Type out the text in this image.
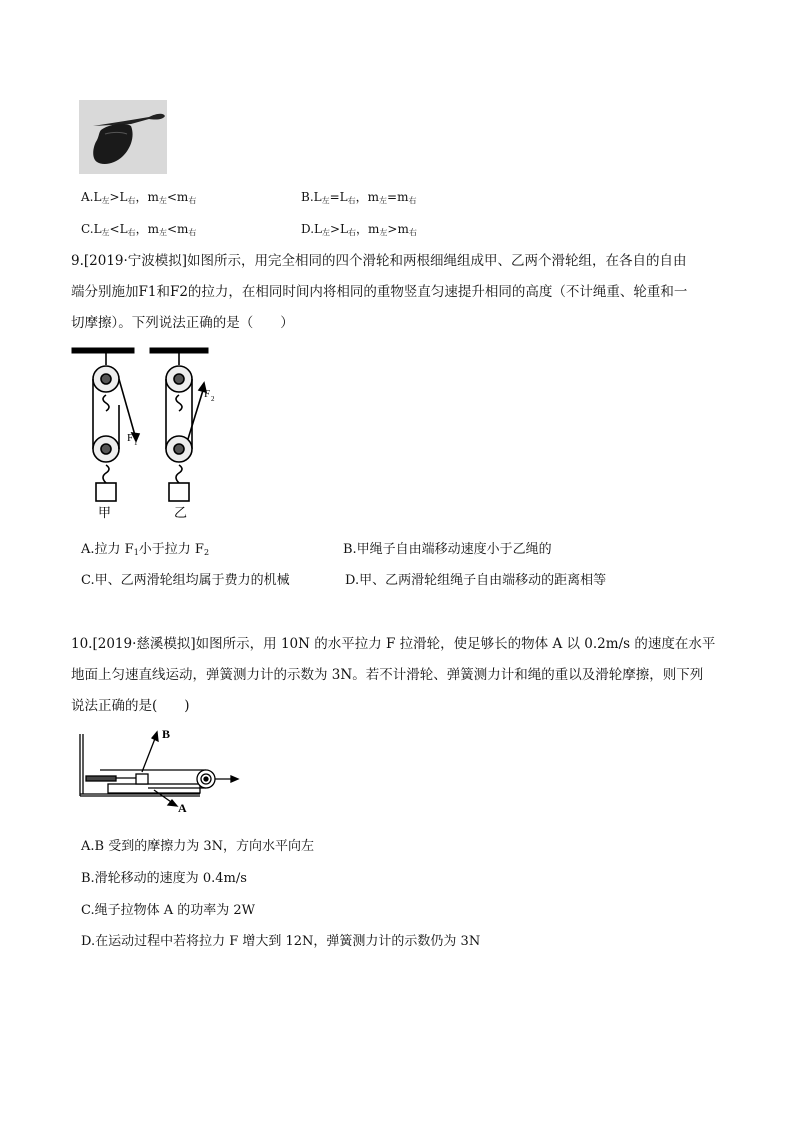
$A.L_左>L_右$，$m_左<m_右$	$B.L_左=L_右$，$m_左=m_右$
$C.L_左<L_右$，$m_左<m_右$	$D.L_左>L_右$，$m_左>m_右$
9.[2019·宁波模拟]如图所示，用完全相同的四个滑轮和两根细绳组成甲、乙两个滑轮组，在各自的自由
端分别施加F1和F2的拉力，在相同时间内将相同的重物竖直匀速提升相同的高度（不计绳重、轮重和一
切摩擦）。下列说法正确的是（　　）
F 1
F 2
甲	乙
A.拉力 $F_1$小于拉力 $F_2$	B.甲绳子自由端移动速度小于乙绳的
C.甲、乙两滑轮组均属于费力的机械	D.甲、乙两滑轮组绳子自由端移动的距离相等
10.[2019·慈溪模拟]如图所示，用 10N 的水平拉力 F 拉滑轮，使足够长的物体 A 以 0.2m/s 的速度在水平
地面上匀速直线运动，弹簧测力计的示数为 3N。若不计滑轮、弹簧测力计和绳的重以及滑轮摩擦，则下列
说法正确的是(　　)
B
A
A.B 受到的摩擦力为 3N，方向水平向左
B.滑轮移动的速度为 0.4m/s
C.绳子拉物体 A 的功率为 2W
D.在运动过程中若将拉力 F 增大到 12N，弹簧测力计的示数仍为 3N
